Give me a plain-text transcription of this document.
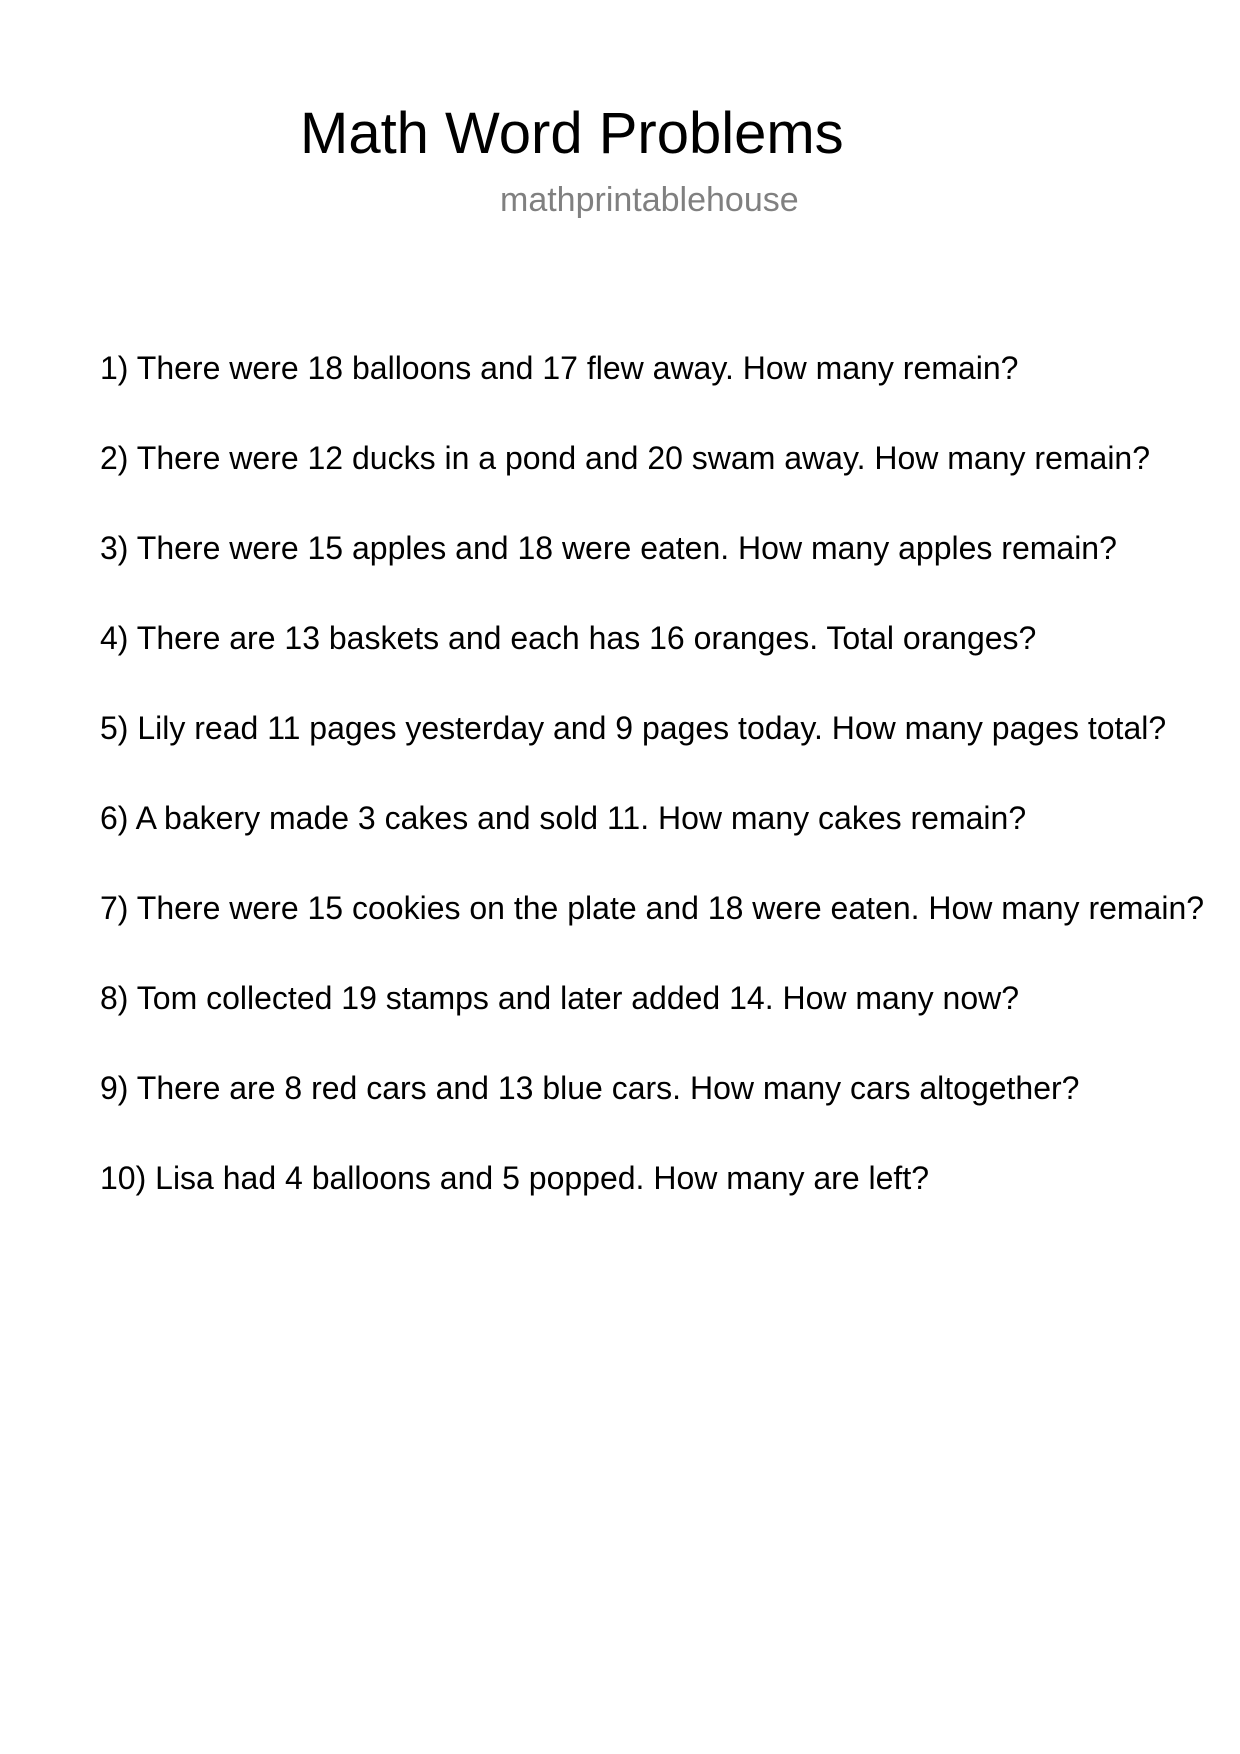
Math Word Problems
mathprintablehouse
1) There were 18 balloons and 17 flew away. How many remain?
2) There were 12 ducks in a pond and 20 swam away. How many remain?
3) There were 15 apples and 18 were eaten. How many apples remain?
4) There are 13 baskets and each has 16 oranges. Total oranges?
5) Lily read 11 pages yesterday and 9 pages today. How many pages total?
6) A bakery made 3 cakes and sold 11. How many cakes remain?
7) There were 15 cookies on the plate and 18 were eaten. How many remain?
8) Tom collected 19 stamps and later added 14. How many now?
9) There are 8 red cars and 13 blue cars. How many cars altogether?
10) Lisa had 4 balloons and 5 popped. How many are left?
